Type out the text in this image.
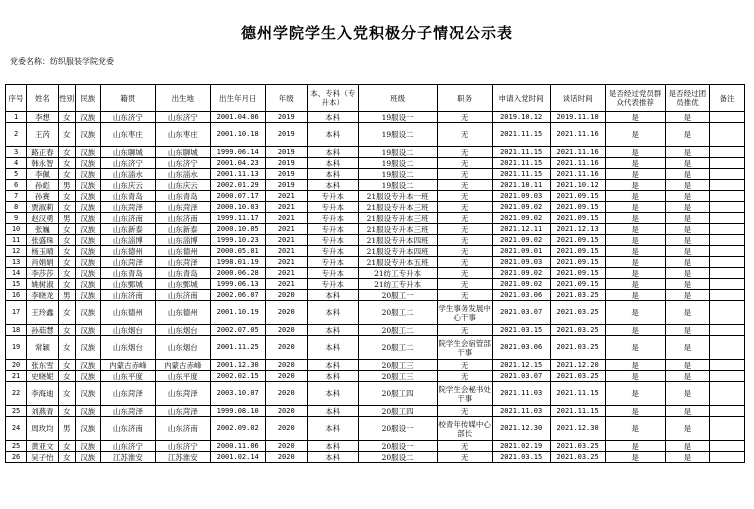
德州学院学生入党积极分子情况公示表
党委名称：纺织服装学院党委
序号	姓名	性别	民族	籍贯	出生地	出生年月日	年级	本、专科（专升本）	班级	职务	申请入党时间	谈话时间	是否经过党员群众代表推荐	是否经过团员推优	备注
1	李想	女	汉族	山东济宁	山东济宁	2001.04.06	2019	本科	19服设一	无	2019.10.12	2019.11.10	是	是	
2	王芮	女	汉族	山东枣庄	山东枣庄	2001.10.18	2019	本科	19服设二	无	2021.11.15	2021.11.16	是	是	
3	路正春	女	汉族	山东聊城	山东聊城	1999.06.14	2019	本科	19服设二	无	2021.11.15	2021.11.16	是	是	
4	韩永智	女	汉族	山东济宁	山东济宁	2001.04.23	2019	本科	19服设二	无	2021.11.15	2021.11.16	是	是	
5	李佩	女	汉族	山东淄水	山东淄水	2001.11.13	2019	本科	19服设二	无	2021.11.15	2021.11.16	是	是	
6	孙彪	男	汉族	山东庆云	山东庆云	2002.01.29	2019	本科	19服设二	无	2021.10.11	2021.10.12	是	是	
7	孙赛	女	汉族	山东青岛	山东青岛	2000.07.17	2021	专升本	21服设专升本一班	无	2021.09.03	2021.09.15	是	是	
8	贾淑莉	女	汉族	山东菏泽	山东菏泽	2000.10.03	2021	专升本	21服设专升本三班	无	2021.09.02	2021.09.15	是	是	
9	赵汉勇	男	汉族	山东济南	山东济南	1999.11.17	2021	专升本	21服设专升本三班	无	2021.09.02	2021.09.15	是	是	
10	张巍	女	汉族	山东新泰	山东新泰	2000.10.05	2021	专升本	21服设专升本三班	无	2021.12.11	2021.12.13	是	是	
11	张盛珠	女	汉族	山东淄博	山东淄博	1999.10.23	2021	专升本	21服设专升本四班	无	2021.09.02	2021.09.15	是	是	
12	杨玉晴	女	汉族	山东德州	山东德州	2000.05.01	2021	专升本	21服设专升本四班	无	2021.09.01	2021.09.15	是	是	
13	肖娟娟	女	汉族	山东菏泽	山东菏泽	1998.01.19	2021	专升本	21服设专升本五班	无	2021.09.03	2021.09.15	是	是	
14	李莎莎	女	汉族	山东青岛	山东青岛	2000.06.28	2021	专升本	21纺工专升本	无	2021.09.02	2021.09.15	是	是	
15	姚树淑	女	汉族	山东鄄城	山东鄄城	1999.06.13	2021	专升本	21纺工专升本	无	2021.09.02	2021.09.15	是	是	
16	李晓龙	男	汉族	山东济南	山东济南	2002.06.07	2020	本科	20服工一	无	2021.03.06	2021.03.25	是	是	
17	王玲鑫	女	汉族	山东德州	山东德州	2001.10.19	2020	本科	20服工二	学生事务发展中心干事	2021.03.07	2021.03.25	是	是	
18	孙茹慧	女	汉族	山东烟台	山东烟台	2002.07.05	2020	本科	20服工二	无	2021.03.15	2021.03.25	是	是	
19	常颖	女	汉族	山东烟台	山东烟台	2001.11.25	2020	本科	20服工二	院学生会宿管部干事	2021.03.06	2021.03.25	是	是	
20	张东雪	女	汉族	内蒙古赤峰	内蒙古赤峰	2001.12.30	2020	本科	20服工三	无	2021.12.15	2021.12.20	是	是	
21	史晓妮	女	汉族	山东平度	山东平度	2002.02.15	2020	本科	20服工三	无	2021.03.07	2021.03.25	是	是	
22	李海迪	女	汉族	山东菏泽	山东菏泽	2003.10.07	2020	本科	20服工四	院学生会秘书处干事	2021.11.03	2021.11.15	是	是	
25	刘燕青	女	汉族	山东菏泽	山东菏泽	1999.08.10	2020	本科	20服工四	无	2021.11.03	2021.11.15	是	是	
24	周玫均	男	汉族	山东济南	山东济南	2002.09.02	2020	本科	20服设一	校青年传媒中心部长	2021.12.30	2021.12.30	是	是	
25	黄亚文	女	汉族	山东济宁	山东济宁	2000.11.06	2020	本科	20服设一	无	2021.02.19	2021.03.25	是	是	
26	吴子怡	女	汉族	江苏淮安	江苏淮安	2001.02.14	2020	本科	20服设二	无	2021.03.15	2021.03.25	是	是	
